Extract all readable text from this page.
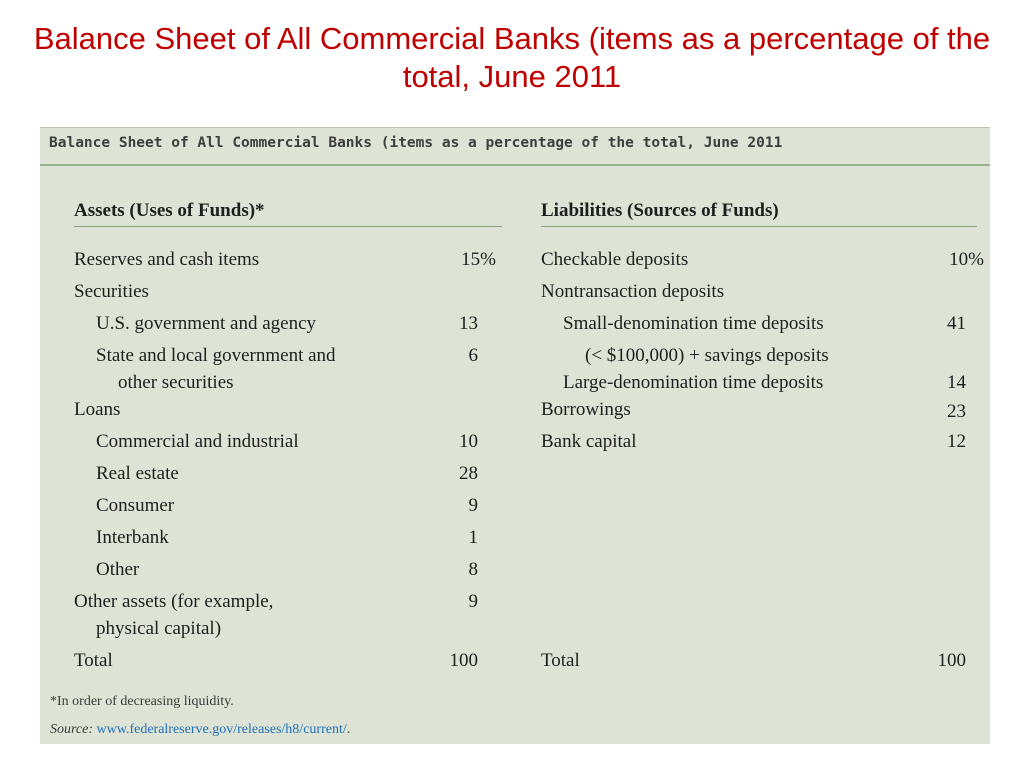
Balance Sheet of All Commercial Banks (items as a percentage of the total, June 2011
Balance Sheet of All Commercial Banks (items as a percentage of the total, June 2011
Assets (Uses of Funds)*
Reserves and cash items	15%
Securities
U.S. government and agency	13
State and local government and	6
other securities
Loans
Commercial and industrial	10
Real estate	28
Consumer	9
Interbank	1
Other	8
Other assets (for example,	9
physical capital)
Total	100
Liabilities (Sources of Funds)
Checkable deposits	10%
Nontransaction deposits
Small-denomination time deposits	41
(< $100,000) + savings deposits
Large-denomination time deposits	14
Borrowings	23
Bank capital	12
Total	100
*In order of decreasing liquidity.
Source: www.federalreserve.gov/releases/h8/current/.
